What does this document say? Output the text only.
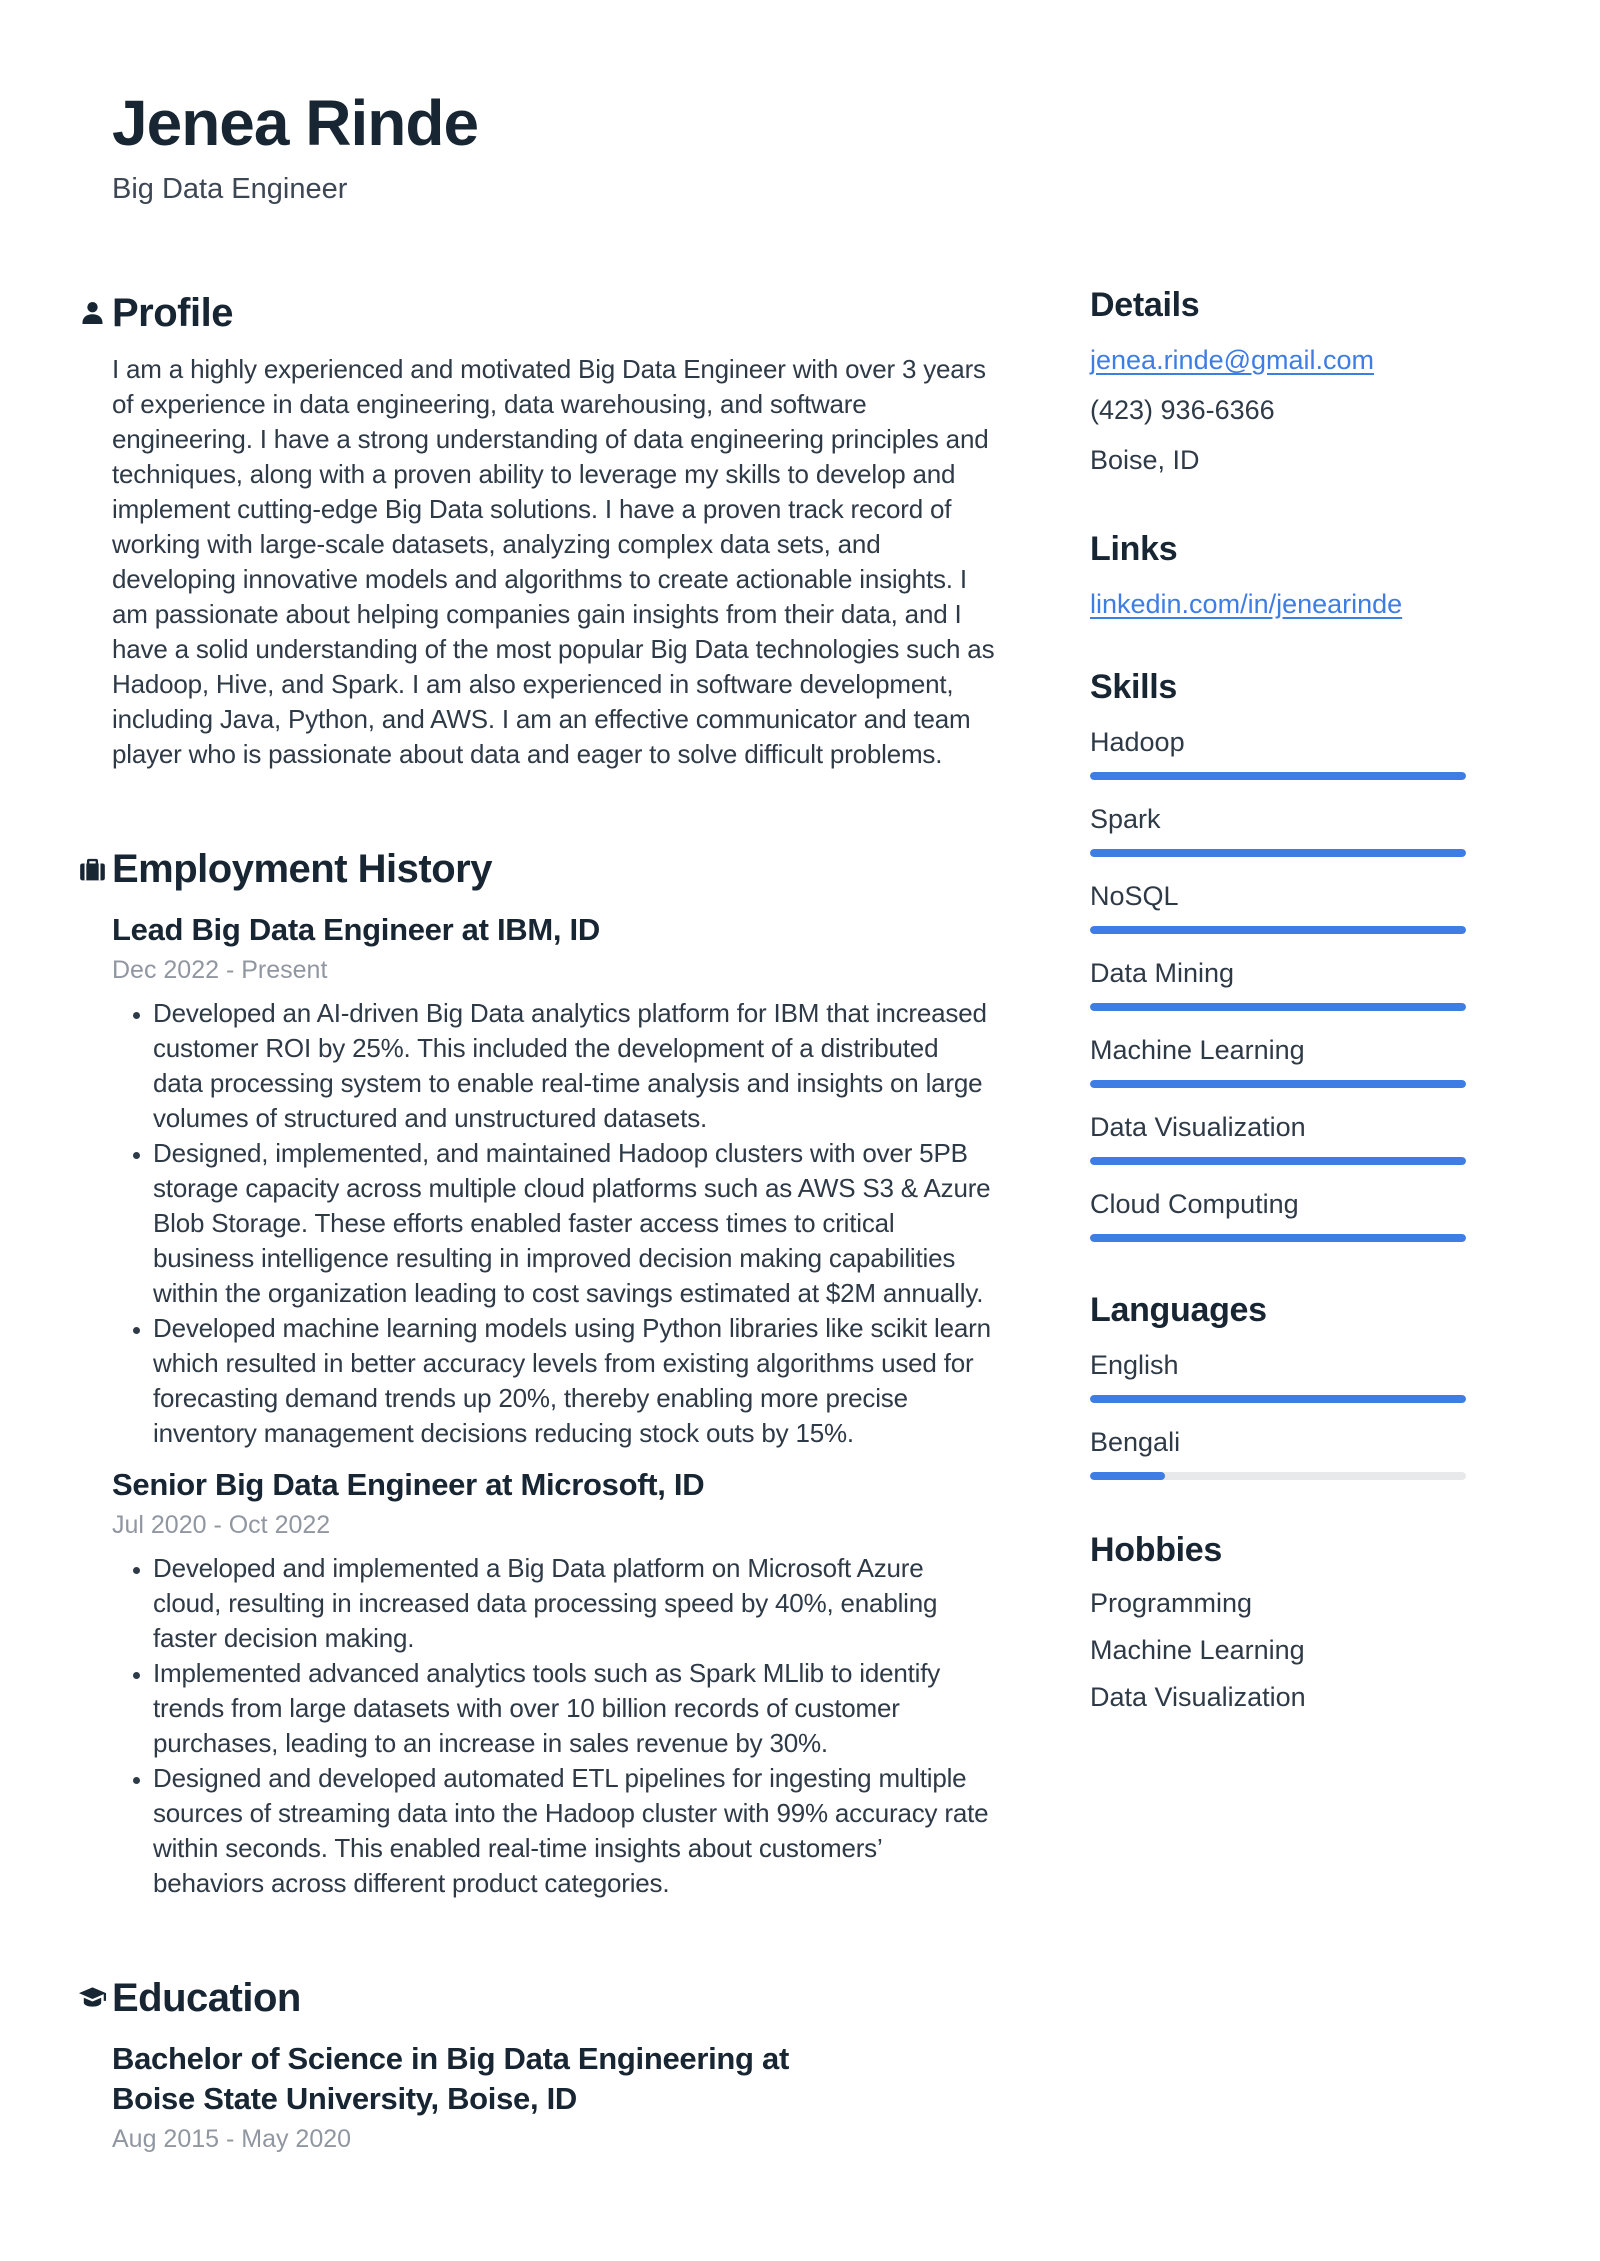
Jenea Rinde
Big Data Engineer
Profile
I am a highly experienced and motivated Big Data Engineer with over 3 years of experience in data engineering, data warehousing, and software engineering. I have a strong understanding of data engineering principles and techniques, along with a proven ability to leverage my skills to develop and implement cutting-edge Big Data solutions. I have a proven track record of working with large-scale datasets, analyzing complex data sets, and developing innovative models and algorithms to create actionable insights. I am passionate about helping companies gain insights from their data, and I have a solid understanding of the most popular Big Data technologies such as Hadoop, Hive, and Spark. I am also experienced in software development, including Java, Python, and AWS. I am an effective communicator and team player who is passionate about data and eager to solve difficult problems.
Employment History
Lead Big Data Engineer at IBM, ID
Dec 2022 - Present
• Developed an AI-driven Big Data analytics platform for IBM that increased customer ROI by 25%. This included the development of a distributed data processing system to enable real-time analysis and insights on large volumes of structured and unstructured datasets.
• Designed, implemented, and maintained Hadoop clusters with over 5PB storage capacity across multiple cloud platforms such as AWS S3 & Azure Blob Storage. These efforts enabled faster access times to critical business intelligence resulting in improved decision making capabilities within the organization leading to cost savings estimated at $2M annually.
• Developed machine learning models using Python libraries like scikit learn which resulted in better accuracy levels from existing algorithms used for forecasting demand trends up 20%, thereby enabling more precise inventory management decisions reducing stock outs by 15%.
Senior Big Data Engineer at Microsoft, ID
Jul 2020 - Oct 2022
• Developed and implemented a Big Data platform on Microsoft Azure cloud, resulting in increased data processing speed by 40%, enabling faster decision making.
• Implemented advanced analytics tools such as Spark MLlib to identify trends from large datasets with over 10 billion records of customer purchases, leading to an increase in sales revenue by 30%.
• Designed and developed automated ETL pipelines for ingesting multiple sources of streaming data into the Hadoop cluster with 99% accuracy rate within seconds. This enabled real-time insights about customers’ behaviors across different product categories.
Education
Bachelor of Science in Big Data Engineering at Boise State University, Boise, ID
Aug 2015 - May 2020
Details
jenea.rinde@gmail.com
(423) 936-6366
Boise, ID
Links
linkedin.com/in/jenearinde
Skills
Hadoop
Spark
NoSQL
Data Mining
Machine Learning
Data Visualization
Cloud Computing
Languages
English
Bengali
Hobbies
Programming
Machine Learning
Data Visualization
